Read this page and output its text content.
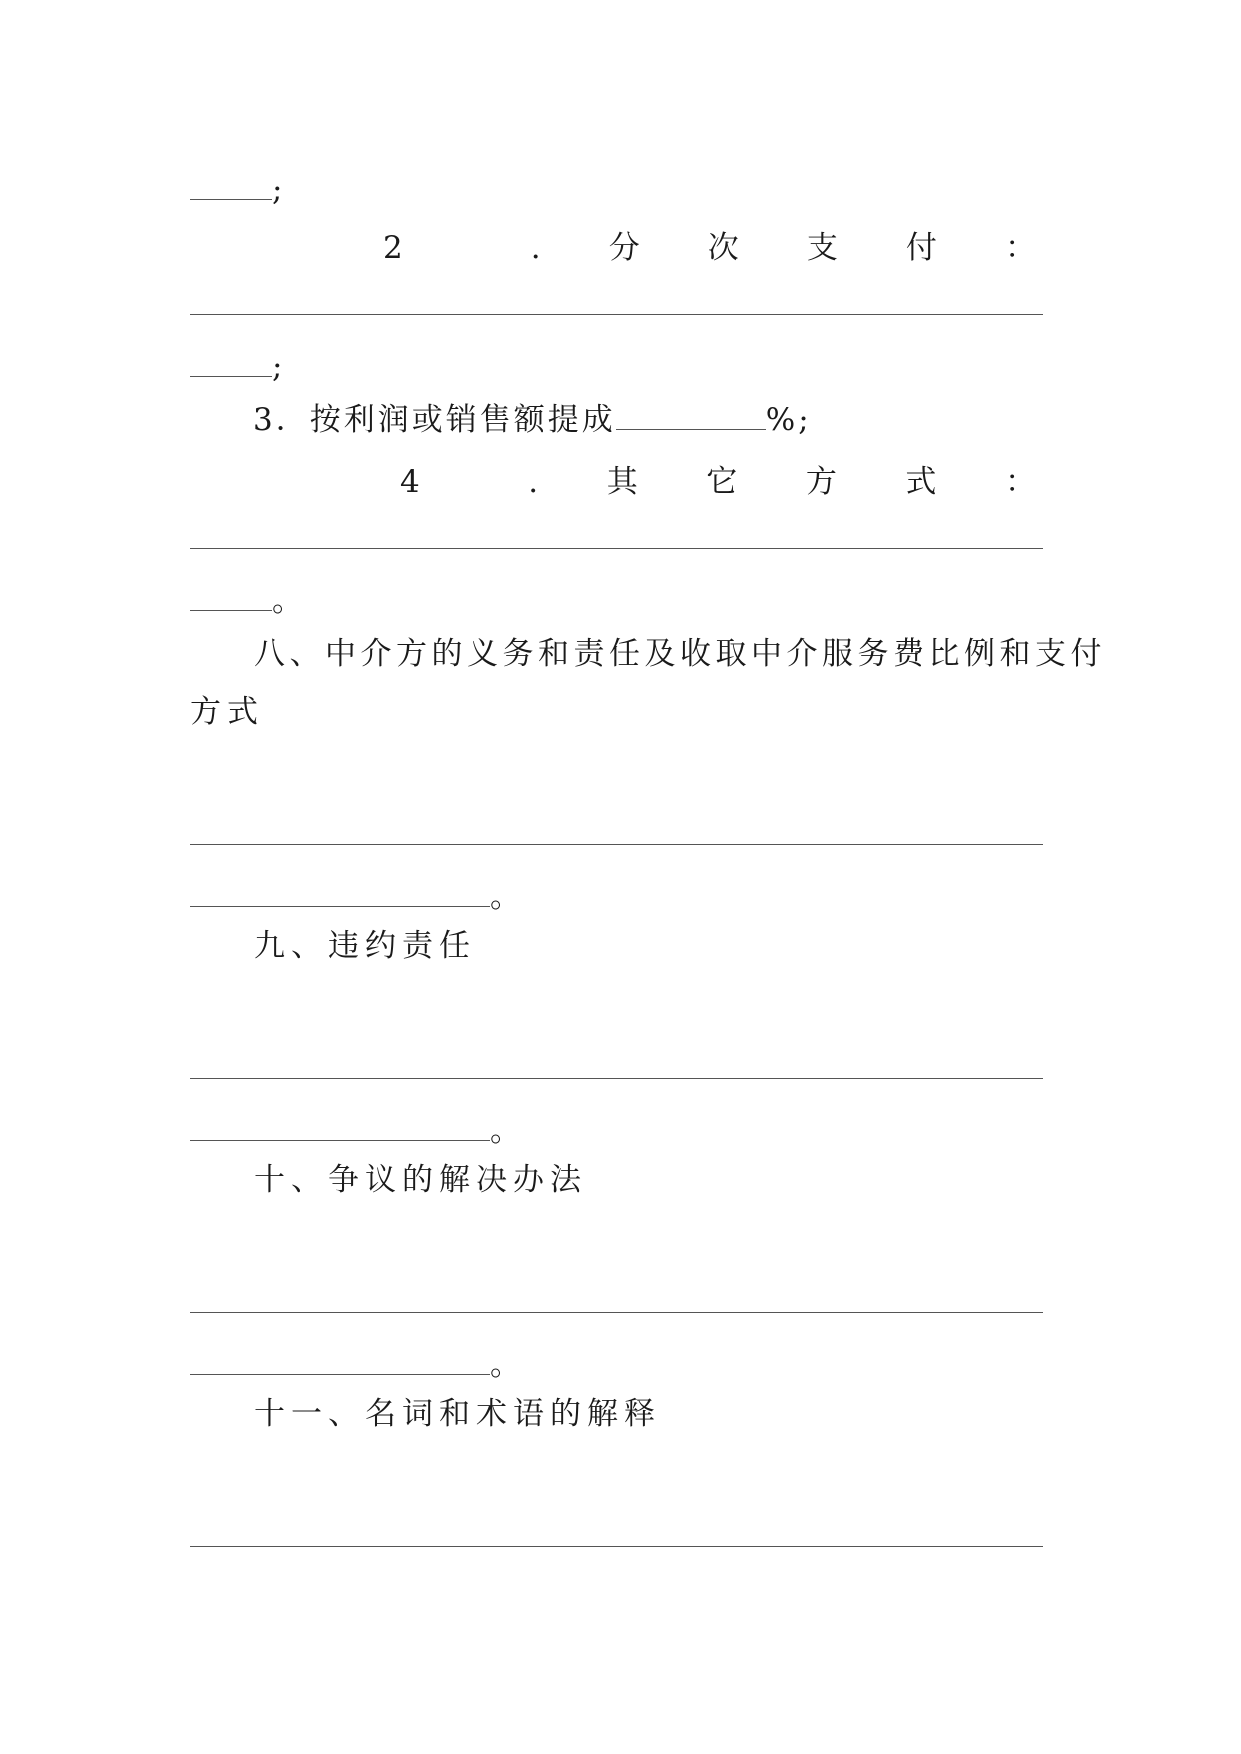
;
2	. 分 次 支 付 ：
;
3．按利润或销售额提成	%;
4	. 其 它 方 式 ：
。
八、中介方的义务和责任及收取中介服务费比例和支付
方式
。
九、违约责任
。
十、争议的解决办法
。
十一、名词和术语的解释
